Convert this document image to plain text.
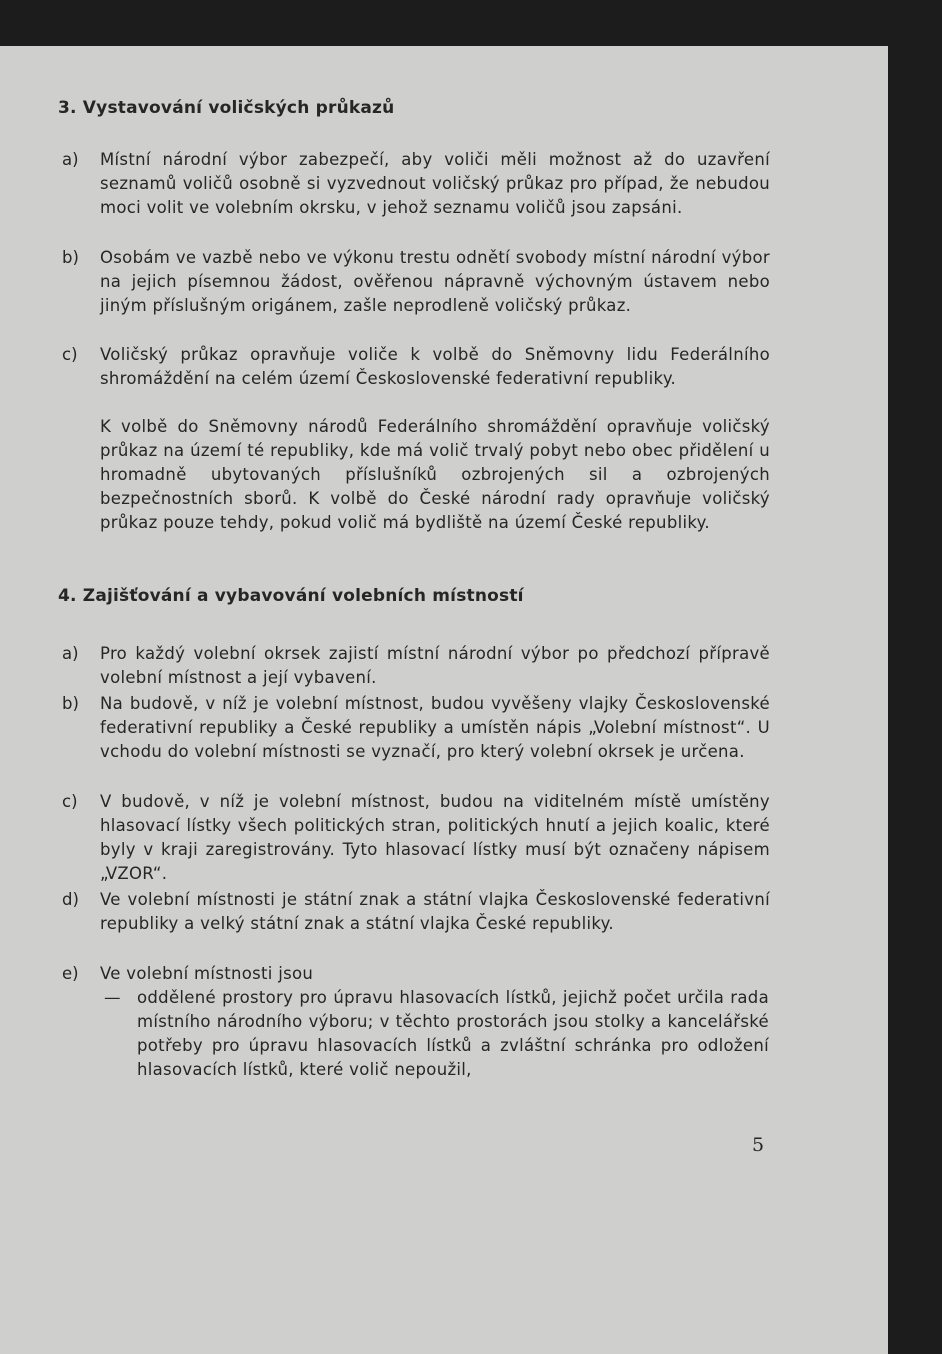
3. Vystavování voličských průkazů
a) Místní národní výbor zabezpečí, aby voliči měli možnost až do uzavření seznamů voličů osobně si vyzvednout voličský průkaz pro případ, že nebudou moci volit ve volebním okrsku, v jehož seznamu voličů jsou zapsáni.
b) Osobám ve vazbě nebo ve výkonu trestu odnětí svobody místní národní výbor na jejich písemnou žádost, ověřenou nápravně výchovným ústavem nebo jiným příslušným origánem, zašle neprodleně voličský průkaz.
c) Voličský průkaz opravňuje voliče k volbě do Sněmovny lidu Federálního shromáždění na celém území Československé federativní republiky.
K volbě do Sněmovny národů Federálního shromáždění opravňuje voličský průkaz na území té republiky, kde má volič trvalý pobyt nebo obec přidělení u hromadně ubytovaných příslušníků ozbrojených sil a ozbrojených bezpečnostních sborů. K volbě do České národní rady opravňuje voličský průkaz pouze tehdy, pokud volič má bydliště na území České republiky.
4. Zajišťování a vybavování volebních místností
a) Pro každý volební okrsek zajistí místní národní výbor po předchozí přípravě volební místnost a její vybavení.
b) Na budově, v níž je volební místnost, budou vyvěšeny vlajky Československé federativní republiky a České republiky a umístěn nápis „Volební místnost“. U vchodu do volební místnosti se vyznačí, pro který volební okrsek je určena.
c) V budově, v níž je volební místnost, budou na viditelném místě umístěny hlasovací lístky všech politických stran, politických hnutí a jejich koalic, které byly v kraji zaregistrovány. Tyto hlasovací lístky musí být označeny nápisem „VZOR“.
d) Ve volební místnosti je státní znak a státní vlajka Československé federativní republiky a velký státní znak a státní vlajka České republiky.
e) Ve volební místnosti jsou
— oddělené prostory pro úpravu hlasovacích lístků, jejichž počet určila rada místního národního výboru; v těchto prostorách jsou stolky a kancelářské potřeby pro úpravu hlasovacích lístků a zvláštní schránka pro odložení hlasovacích lístků, které volič nepoužil,
5
